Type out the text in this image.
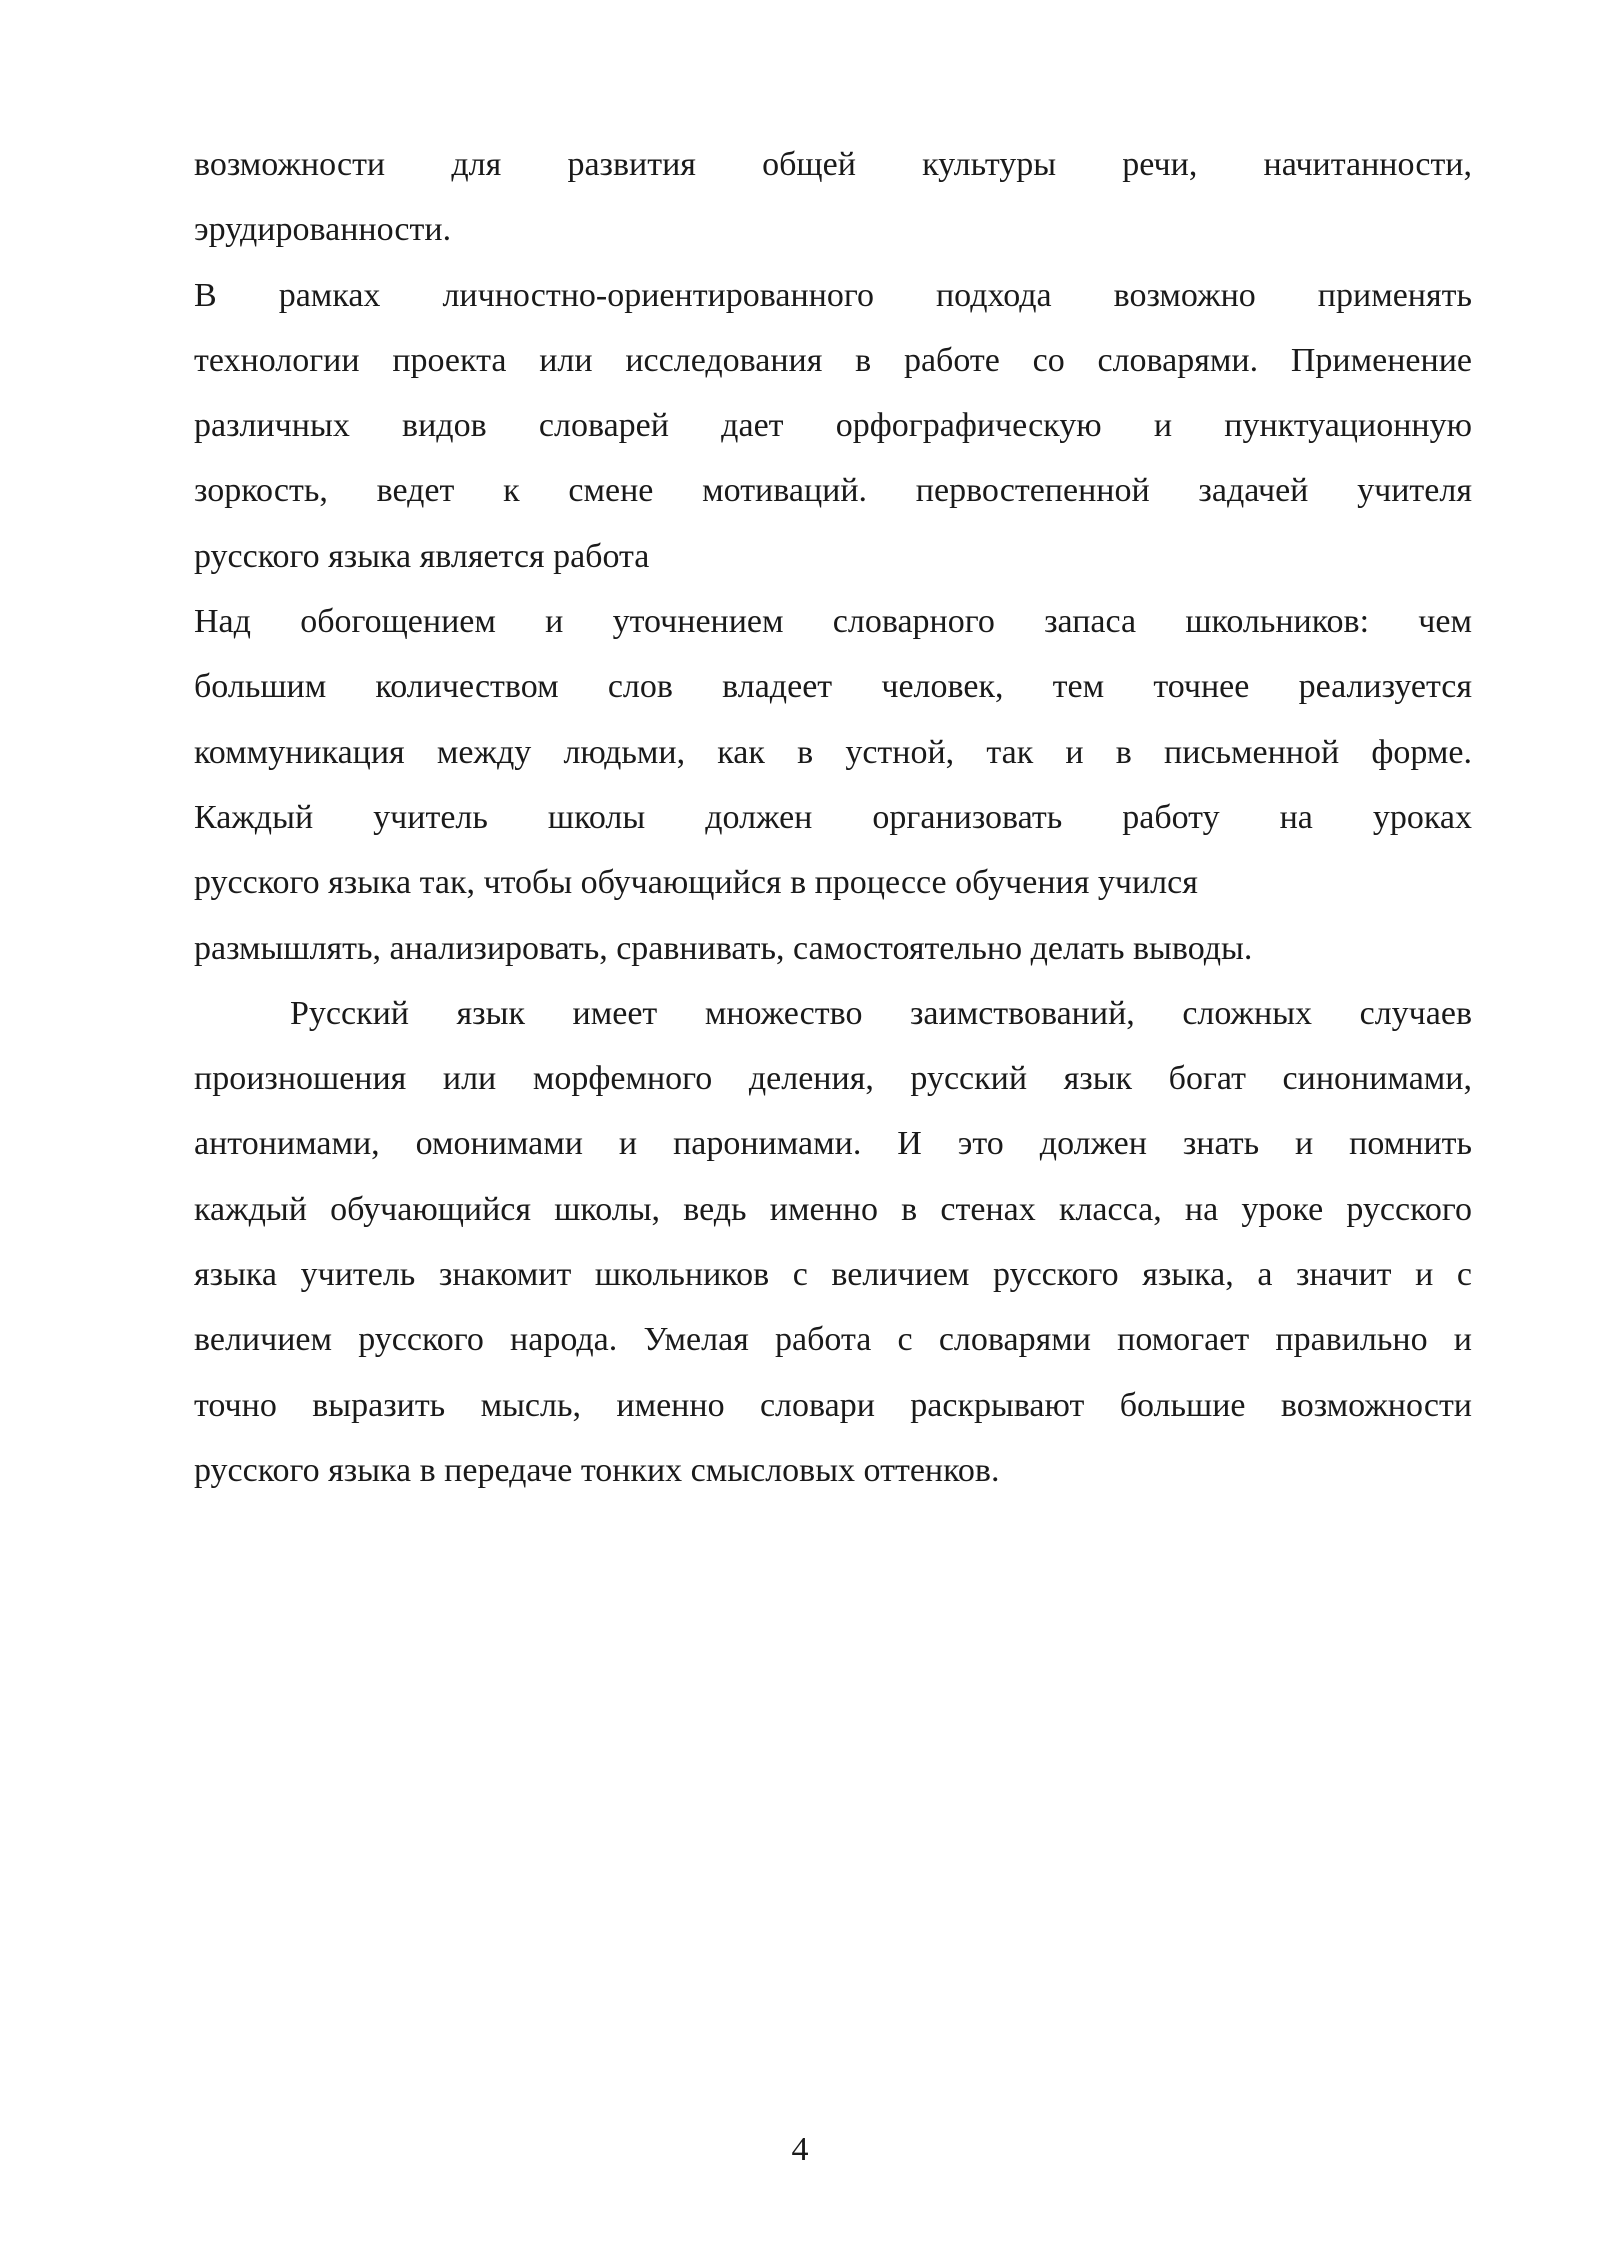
возможности для развития общей культуры речи, начитанности,
эрудированности.
В рамках личностно-ориентированного подхода возможно применять
технологии проекта или исследования в работе со словарями. Применение
различных видов словарей дает орфографическую и пунктуационную
зоркость, ведет к смене мотиваций. первостепенной задачей учителя
русского языка является работа
Над обогощением и уточнением словарного запаса школьников: чем
большим количеством слов владеет человек, тем точнее реализуется
коммуникация между людьми, как в устной, так и в письменной форме.
Каждый учитель школы должен организовать работу на уроках
русского языка так, чтобы обучающийся в процессе обучения учился
размышлять, анализировать, сравнивать, самостоятельно делать выводы.
Русский язык имеет множество заимствований, сложных случаев
произношения или морфемного деления, русский язык богат синонимами,
антонимами, омонимами и паронимами. И это должен знать и помнить
каждый обучающийся школы, ведь именно в стенах класса, на уроке русского
языка учитель знакомит школьников с величием русского языка, а значит и с
величием русского народа. Умелая работа с словарями помогает правильно и
точно выразить мысль, именно словари раскрывают большие возможности
русского языка в передаче тонких смысловых оттенков.
4
